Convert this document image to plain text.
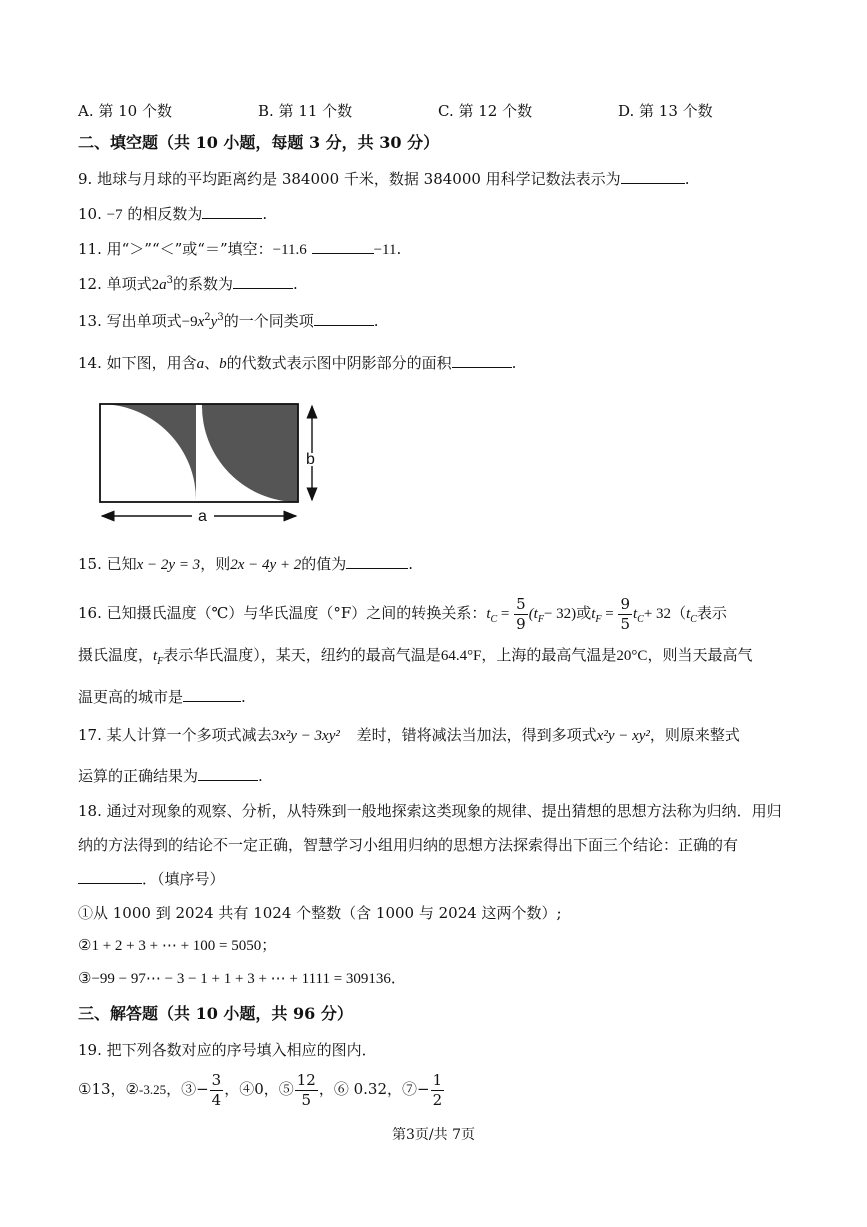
A. 第 10 个数	B. 第 11 个数	C. 第 12 个数	D. 第 13 个数
二、填空题（共 10 小题，每题 3 分，共 30 分）
9. 地球与月球的平均距离约是 384000 千米，数据 384000 用科学记数法表示为	.
10. −7 的相反数为	.
11. 用“＞”“＜”或“＝”填空：−11.6	−11.
12. 单项式$2a^3$的系数为	.
13. 写出单项式$-9x^2y^3$的一个同类项	.
14. 如下图，用含a、b的代数式表示图中阴影部分的面积	.
b
a
15. 已知x − 2y = 3，则2x − 4y + 2的值为	.
16. 已知摄氏温度（℃）与华氏温度（°F）之间的转换关系：$t_C = \frac{5}{9} (t_F- 32)$或$t_F = \frac{9}{5} t_C+ 32(t_C$表示
摄氏温度，$t_F$表示华氏温度），某天，纽约的最高气温是64.4°F，上海的最高气温是20°C，则当天最高气
温更高的城市是	.
17. 某人计算一个多项式减去3x²y − 3xy² 差时，错将减法当加法，得到多项式x²y − xy²，则原来整式
运算的正确结果为	.
18. 通过对现象的观察、分析，从特殊到一般地探索这类现象的规律、提出猜想的思想方法称为归纳．用归
纳的方法得到的结论不一定正确，智慧学习小组用归纳的思想方法探索得出下面三个结论：正确的有
．（填序号）
①从 1000 到 2024 共有 1024 个整数（含 1000 与 2024 这两个数）;
②1 + 2 + 3 + ⋯ + 100 = 5050；
③−99 − 97⋯ − 3 − 1 + 1 + 3 + ⋯ + 1111 = 309136．
三、解答题（共 10 小题，共 96 分）
19. 把下列各数对应的序号填入相应的图内．
①13，②-3.25，③− $\frac{3}{4}$ ，④0，⑤ $\frac{12}{5}$ ，⑥ 0.32，⑦− $\frac{1}{2}$
第3页/共 7页
